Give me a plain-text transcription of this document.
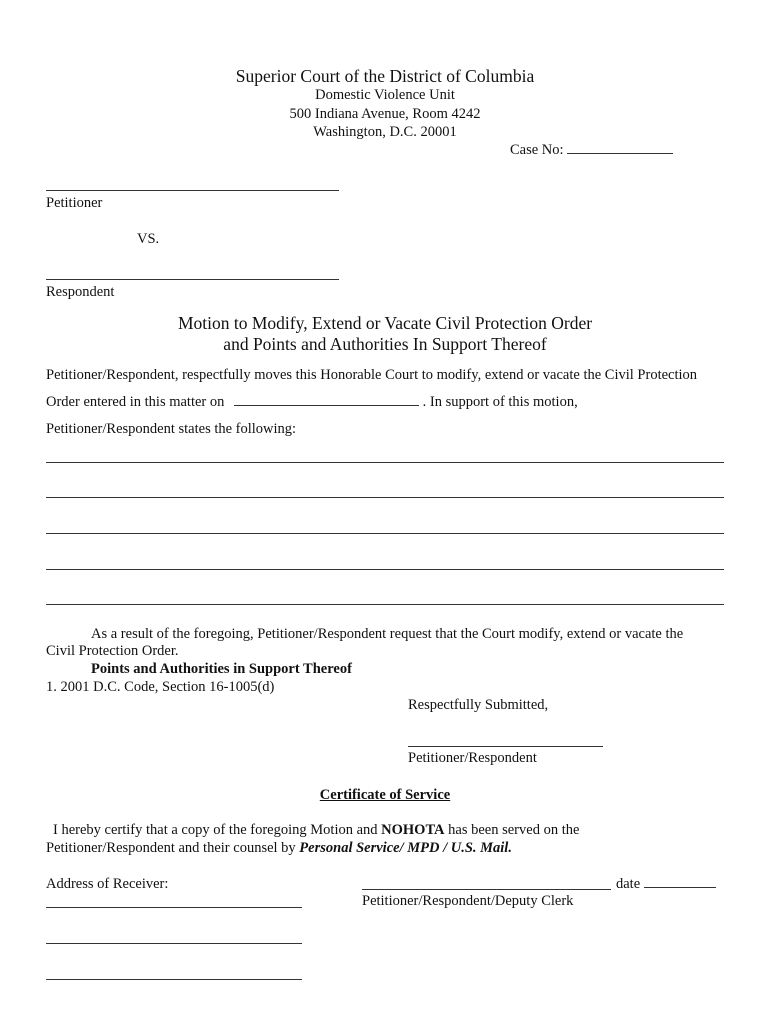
Superior Court of the District of Columbia
Domestic Violence Unit
500 Indiana Avenue, Room 4242
Washington, D.C. 20001
Case No:
Petitioner
VS.
Respondent
Motion to Modify, Extend or Vacate Civil Protection Order
and Points and Authorities In Support Thereof
Petitioner/Respondent, respectfully moves this Honorable Court to modify, extend or vacate the Civil Protection
Order entered in this matter on	. In support of this motion,
Petitioner/Respondent states the following:
As a result of the foregoing, Petitioner/Respondent request that the Court modify, extend or vacate the
Civil Protection Order.
Points and Authorities in Support Thereof
1. 2001 D.C. Code, Section 16-1005(d)
Respectfully Submitted,
Petitioner/Respondent
Certificate of Service
I hereby certify that a copy of the foregoing Motion and NOHOTA has been served on the
Petitioner/Respondent and their counsel by Personal Service/ MPD / U.S. Mail.
Address of Receiver:	date
Petitioner/Respondent/Deputy Clerk
